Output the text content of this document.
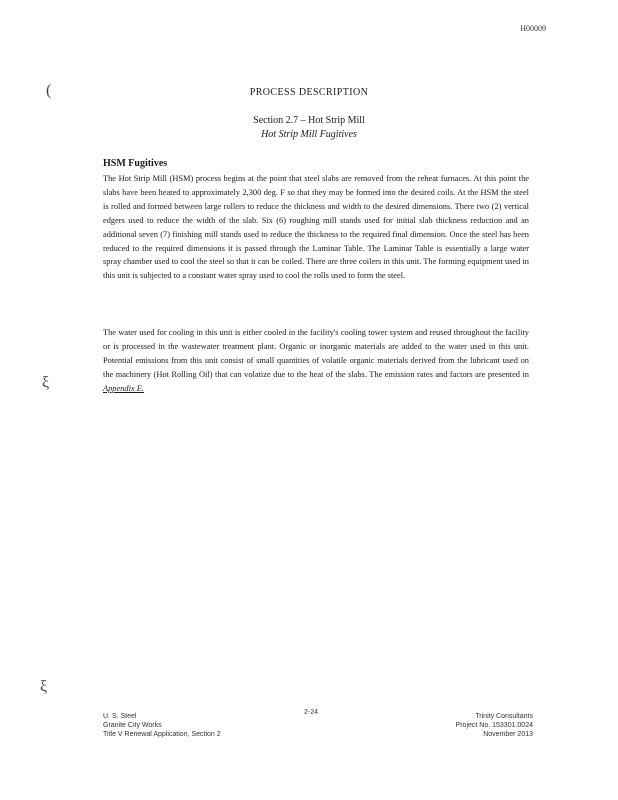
H00009
(
ξ
ξ
PROCESS DESCRIPTION
Section 2.7 – Hot Strip Mill
Hot Strip Mill Fugitives
HSM Fugitives
The Hot Strip Mill (HSM) process begins at the point that steel slabs are removed from the reheat furnaces. At this point the slabs have been heated to approximately 2,300 deg. F so that they may be formed into the desired coils. At the HSM the steel is rolled and formed between large rollers to reduce the thickness and width to the desired dimensions. There two (2) vertical edgers used to reduce the width of the slab. Six (6) roughing mill stands used for initial slab thickness reduction and an additional seven (7) finishing mill stands used to reduce the thickness to the required final dimension. Once the steel has been reduced to the required dimensions it is passed through the Laminar Table. The Laminar Table is essentially a large water spray chamber used to cool the steel so that it can be coiled. There are three coilers in this unit. The forming equipment used in this unit is subjected to a constant water spray used to cool the rolls used to form the steel.
The water used for cooling in this unit is either cooled in the facility's cooling tower system and reused throughout the facility or is processed in the wastewater treatment plant. Organic or inorganic materials are added to the water used in this unit. Potential emissions from this unit consist of small quantities of volatile organic materials derived from the lubricant used on the machinery (Hot Rolling Oil) that can volatize due to the heat of the slabs. The emission rates and factors are presented in Appendix E.
U. S. Steel
Granite City Works
Title V Renewal Application, Section 2
2-24
Trinity Consultants
Project No. 153301.0024
November 2013
